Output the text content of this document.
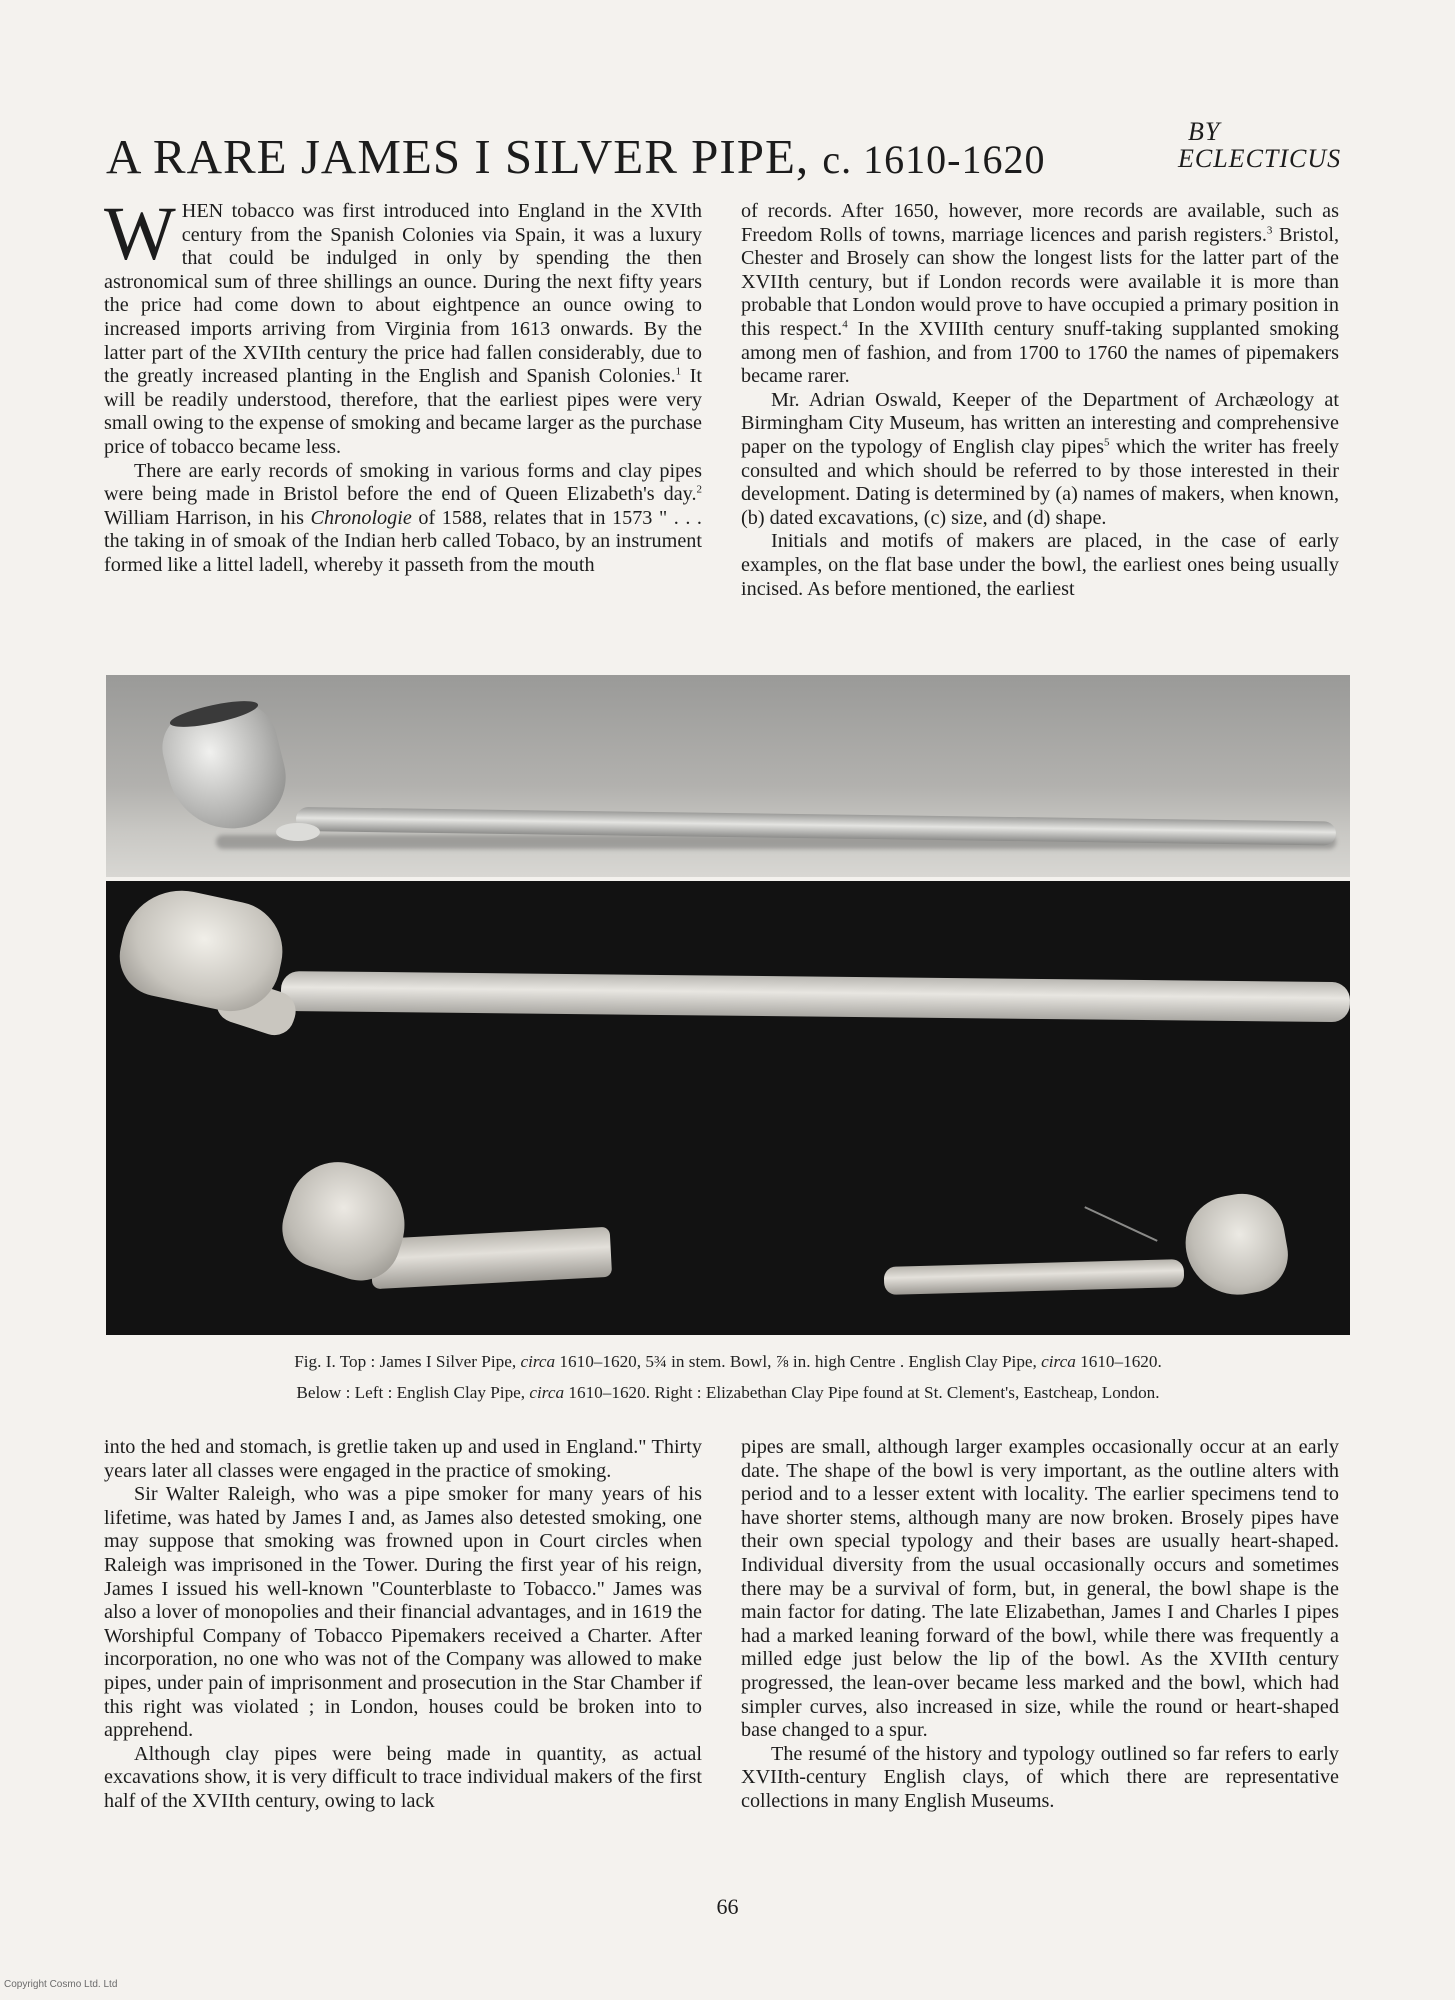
A RARE JAMES I SILVER PIPE, c. 1610-1620
BY
ECLECTICUS

WHEN tobacco was first introduced into England in the XVIth century from the Spanish Colonies via Spain, it was a luxury that could be indulged in only by spending the then astronomical sum of three shillings an ounce. During the next fifty years the price had come down to about eightpence an ounce owing to increased imports arriving from Virginia from 1613 onwards. By the latter part of the XVIIth century the price had fallen considerably, due to the greatly increased planting in the English and Spanish Colonies.$^1$ It will be readily understood, therefore, that the earliest pipes were very small owing to the expense of smoking and became larger as the purchase price of tobacco became less.

There are early records of smoking in various forms and clay pipes were being made in Bristol before the end of Queen Elizabeth's day.$^2$ William Harrison, in his Chronologie of 1588, relates that in 1573 " . . . the taking in of smoak of the Indian herb called Tobaco, by an instrument formed like a littel ladell, whereby it passeth from the mouth

of records. After 1650, however, more records are available, such as Freedom Rolls of towns, marriage licences and parish registers.$^3$ Bristol, Chester and Brosely can show the longest lists for the latter part of the XVIIth century, but if London records were available it is more than probable that London would prove to have occupied a primary position in this respect.$^4$ In the XVIIIth century snuff-taking supplanted smoking among men of fashion, and from 1700 to 1760 the names of pipemakers became rarer.

Mr. Adrian Oswald, Keeper of the Department of Archæology at Birmingham City Museum, has written an interesting and comprehensive paper on the typology of English clay pipes$^5$ which the writer has freely consulted and which should be referred to by those interested in their development. Dating is determined by (a) names of makers, when known, (b) dated excavations, (c) size, and (d) shape.

Initials and motifs of makers are placed, in the case of early examples, on the flat base under the bowl, the earliest ones being usually incised. As before mentioned, the earliest

Fig. I. Top : James I Silver Pipe, circa 1610–1620, 5¾ in stem. Bowl, ⅞ in. high Centre . English Clay Pipe, circa 1610–1620.
Below : Left : English Clay Pipe, circa 1610–1620. Right : Elizabethan Clay Pipe found at St. Clement's, Eastcheap, London.

into the hed and stomach, is gretlie taken up and used in England." Thirty years later all classes were engaged in the practice of smoking.

Sir Walter Raleigh, who was a pipe smoker for many years of his lifetime, was hated by James I and, as James also detested smoking, one may suppose that smoking was frowned upon in Court circles when Raleigh was imprisoned in the Tower. During the first year of his reign, James I issued his well-known "Counterblaste to Tobacco." James was also a lover of monopolies and their financial advantages, and in 1619 the Worshipful Company of Tobacco Pipemakers received a Charter. After incorporation, no one who was not of the Company was allowed to make pipes, under pain of imprisonment and prosecution in the Star Chamber if this right was violated ; in London, houses could be broken into to apprehend.

Although clay pipes were being made in quantity, as actual excavations show, it is very difficult to trace individual makers of the first half of the XVIIth century, owing to lack

pipes are small, although larger examples occasionally occur at an early date. The shape of the bowl is very important, as the outline alters with period and to a lesser extent with locality. The earlier specimens tend to have shorter stems, although many are now broken. Brosely pipes have their own special typology and their bases are usually heart-shaped. Individual diversity from the usual occasionally occurs and sometimes there may be a survival of form, but, in general, the bowl shape is the main factor for dating. The late Elizabethan, James I and Charles I pipes had a marked leaning forward of the bowl, while there was frequently a milled edge just below the lip of the bowl. As the XVIIth century progressed, the lean-over became less marked and the bowl, which had simpler curves, also increased in size, while the round or heart-shaped base changed to a spur.

The resumé of the history and typology outlined so far refers to early XVIIth-century English clays, of which there are representative collections in many English Museums.

66
Copyright Cosmo Ltd. Ltd
